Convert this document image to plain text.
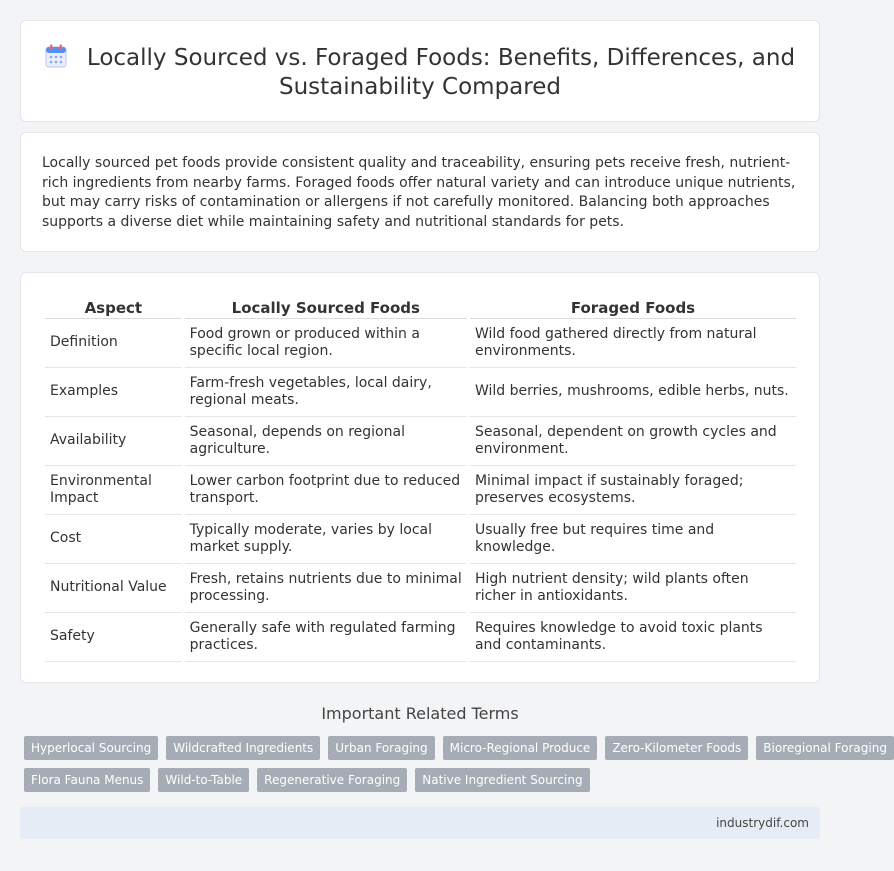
Locally Sourced vs. Foraged Foods: Benefits, Differences, and
Sustainability Compared

Locally sourced pet foods provide consistent quality and traceability, ensuring pets receive fresh, nutrient-rich ingredients from nearby farms. Foraged foods offer natural variety and can introduce unique nutrients, but may carry risks of contamination or allergens if not carefully monitored. Balancing both approaches supports a diverse diet while maintaining safety and nutritional standards for pets.

Aspect	Locally Sourced Foods	Foraged Foods
Definition	Food grown or produced within a specific local region.	Wild food gathered directly from natural environments.
Examples	Farm-fresh vegetables, local dairy, regional meats.	Wild berries, mushrooms, edible herbs, nuts.
Availability	Seasonal, depends on regional agriculture.	Seasonal, dependent on growth cycles and environment.
Environmental Impact	Lower carbon footprint due to reduced transport.	Minimal impact if sustainably foraged; preserves ecosystems.
Cost	Typically moderate, varies by local market supply.	Usually free but requires time and knowledge.
Nutritional Value	Fresh, retains nutrients due to minimal processing.	High nutrient density; wild plants often richer in antioxidants.
Safety	Generally safe with regulated farming practices.	Requires knowledge to avoid toxic plants and contaminants.
Important Related Terms
Hyperlocal Sourcing	Wildcrafted Ingredients	Urban Foraging	Micro-Regional Produce	Zero-Kilometer Foods	Bioregional Foraging
Flora Fauna Menus	Wild-to-Table	Regenerative Foraging	Native Ingredient Sourcing
industrydif.com
